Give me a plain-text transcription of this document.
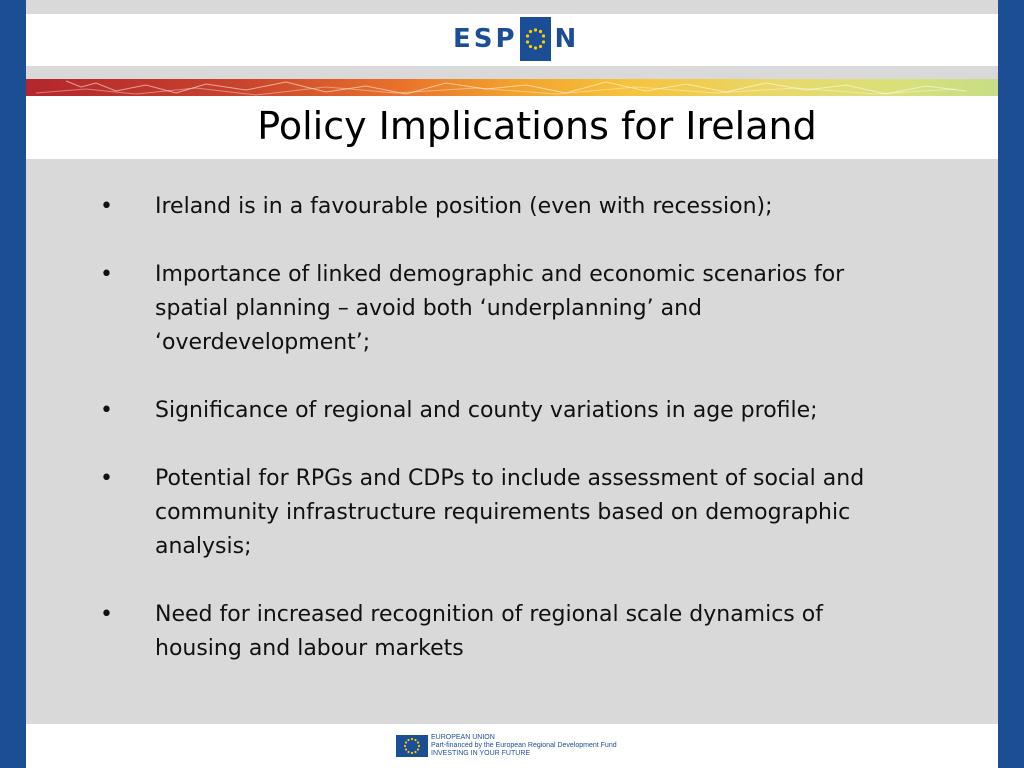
ESP N
Policy Implications for Ireland
• Ireland is in a favourable position (even with recession);
• Importance of linked demographic and economic scenarios for spatial planning – avoid both ‘underplanning’ and ‘overdevelopment’;
• Significance of regional and county variations in age profile;
• Potential for RPGs and CDPs to include assessment of social and community infrastructure requirements based on demographic analysis;
• Need for increased recognition of regional scale dynamics of housing and labour markets
EUROPEAN UNION
Part-financed by the European Regional Development Fund
INVESTING IN YOUR FUTURE
